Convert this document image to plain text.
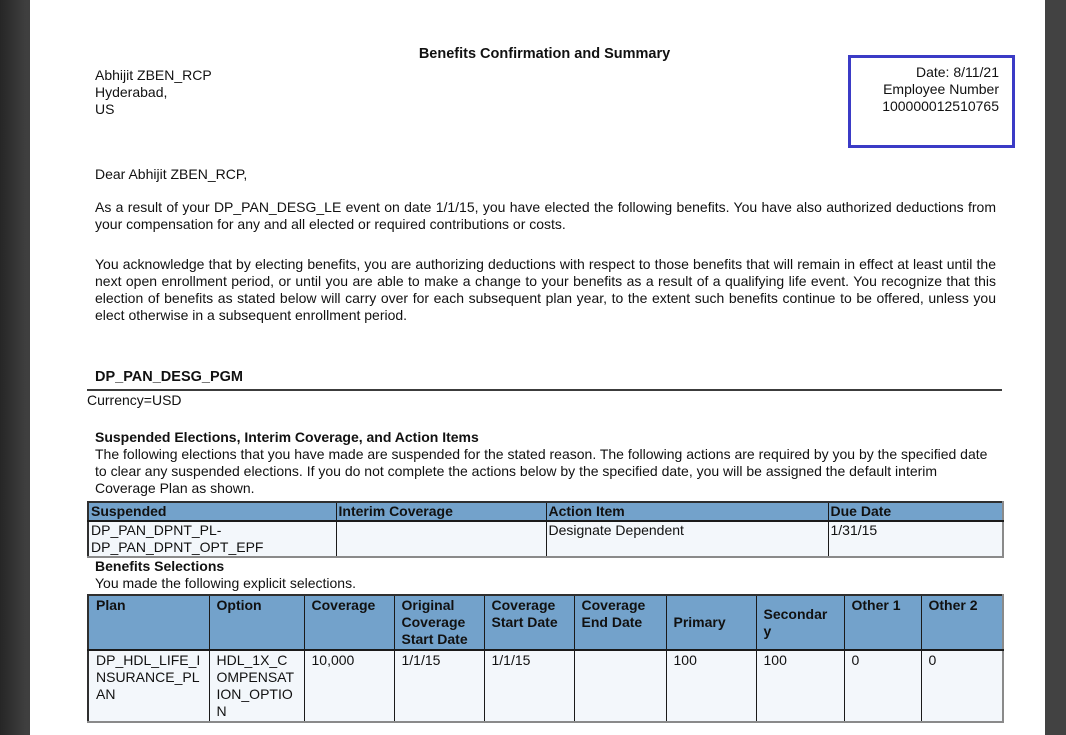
Date: 8/11/21
Employee Number
100000012510765
Benefits Confirmation and Summary
Abhijit ZBEN_RCP
Hyderabad,
US
Dear Abhijit ZBEN_RCP,
As a result of your DP_PAN_DESG_LE event on date 1/1/15, you have elected the following benefits. You have also authorized deductions from your compensation for any and all elected or required contributions or costs.
You acknowledge that by electing benefits, you are authorizing deductions with respect to those benefits that will remain in effect at least until the next open enrollment period, or until you are able to make a change to your benefits as a result of a qualifying life event. You recognize that this election of benefits as stated below will carry over for each subsequent plan year, to the extent such benefits continue to be offered, unless you elect otherwise in a subsequent enrollment period.
DP_PAN_DESG_PGM
Currency=USD
Suspended Elections, Interim Coverage, and Action Items
The following elections that you have made are suspended for the stated reason. The following actions are required by you by the specified date to clear any suspended elections. If you do not complete the actions below by the specified date, you will be assigned the default interim Coverage Plan as shown.
Suspended	Interim Coverage	Action Item	Due Date
DP_PAN_DPNT_PL-DP_PAN_DPNT_OPT_EPF		Designate Dependent	1/31/15
Benefits Selections
You made the following explicit selections.
Plan	Option	Coverage	Original Coverage Start Date	Coverage Start Date	Coverage End Date	Primary	Secondary	Other 1	Other 2
DP_HDL_LIFE_INSURANCE_PLAN	HDL_1X_COMPENSATION_OPTION	10,000	1/1/15	1/1/15		100	100	0	0
